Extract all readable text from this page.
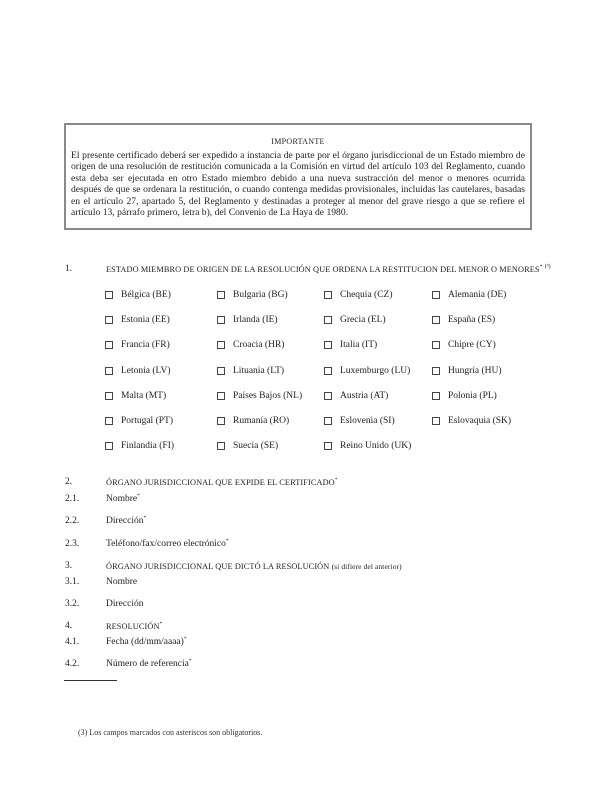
IMPORTANTE

El presente certificado deberá ser expedido a instancia de parte por el órgano jurisdiccional de un Estado miembro de origen de una resolución de restitución comunicada a la Comisión en virtud del artículo 103 del Reglamento, cuando esta deba ser ejecutada en otro Estado miembro debido a una nueva sustracción del menor o menores ocurrida después de que se ordenara la restitución, o cuando contenga medidas provisionales, incluidas las cautelares, basadas en el artículo 27, apartado 5, del Reglamento y destinadas a proteger al menor del grave riesgo a que se refiere el artículo 13, párrafo primero, letra b), del Convenio de La Haya de 1980.

1.	ESTADO MIEMBRO DE ORIGEN DE LA RESOLUCIÓN QUE ORDENA LA RESTITUCION DEL MENOR O MENORES* $^{(^3)}$
Bélgica (BE)	Bulgaria (BG)	Chequia (CZ)	Alemania (DE)
Estonia (EE)	Irlanda (IE)	Grecia (EL)	España (ES)
Francia (FR)	Croacia (HR)	Italia (IT)	Chipre (CY)
Letonia (LV)	Lituania (LT)	Luxemburgo (LU)	Hungría (HU)
Malta (MT)	Países Bajos (NL)	Austria (AT)	Polonia (PL)
Portugal (PT)	Rumanía (RO)	Eslovenia (SI)	Eslovaquia (SK)
Finlandia (FI)	Suecia (SE)	Reino Unido (UK)
2.	ÓRGANO JURISDICCIONAL QUE EXPIDE EL CERTIFICADO*
2.1.	Nombre*
2.2.	Dirección*
2.3.	Teléfono/fax/correo electrónico*
3.	ÓRGANO JURISDICCIONAL QUE DICTÓ LA RESOLUCIÓN (si difiere del anterior)
3.1.	Nombre
3.2.	Dirección
4.	RESOLUCIÓN*
4.1.	Fecha (dd/mm/aaaa)*
4.2.	Número de referencia*
(3) Los campos marcados con asteriscos son obligatorios.
